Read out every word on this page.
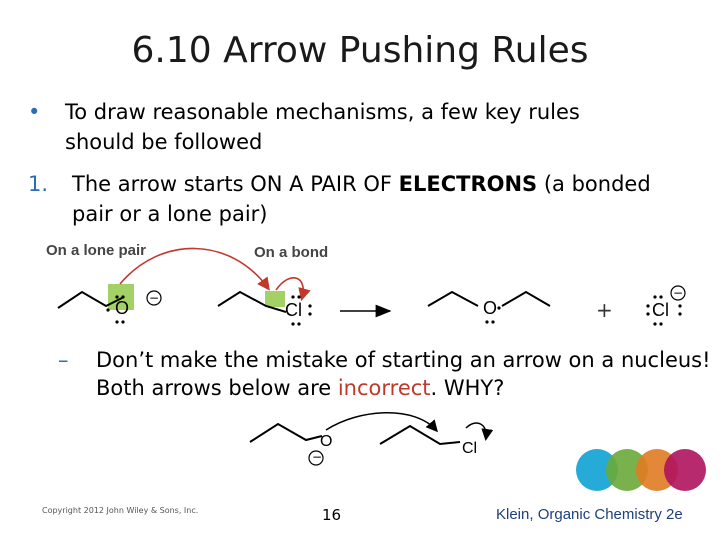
6.10 Arrow Pushing Rules
• To draw reasonable mechanisms, a few key rules
should be followed
1. The arrow starts ON A PAIR OF ELECTRONS (a bonded
pair or a lone pair)
On a lone pair	On a bond
O −
Cl	O	+ Cl
−
– Don’t make the mistake of starting an arrow on a nucleus!
Both arrows below are incorrect. WHY?
O
−	Cl
Copyright 2012 John Wiley & Sons, Inc.	16	Klein, Organic Chemistry 2e
